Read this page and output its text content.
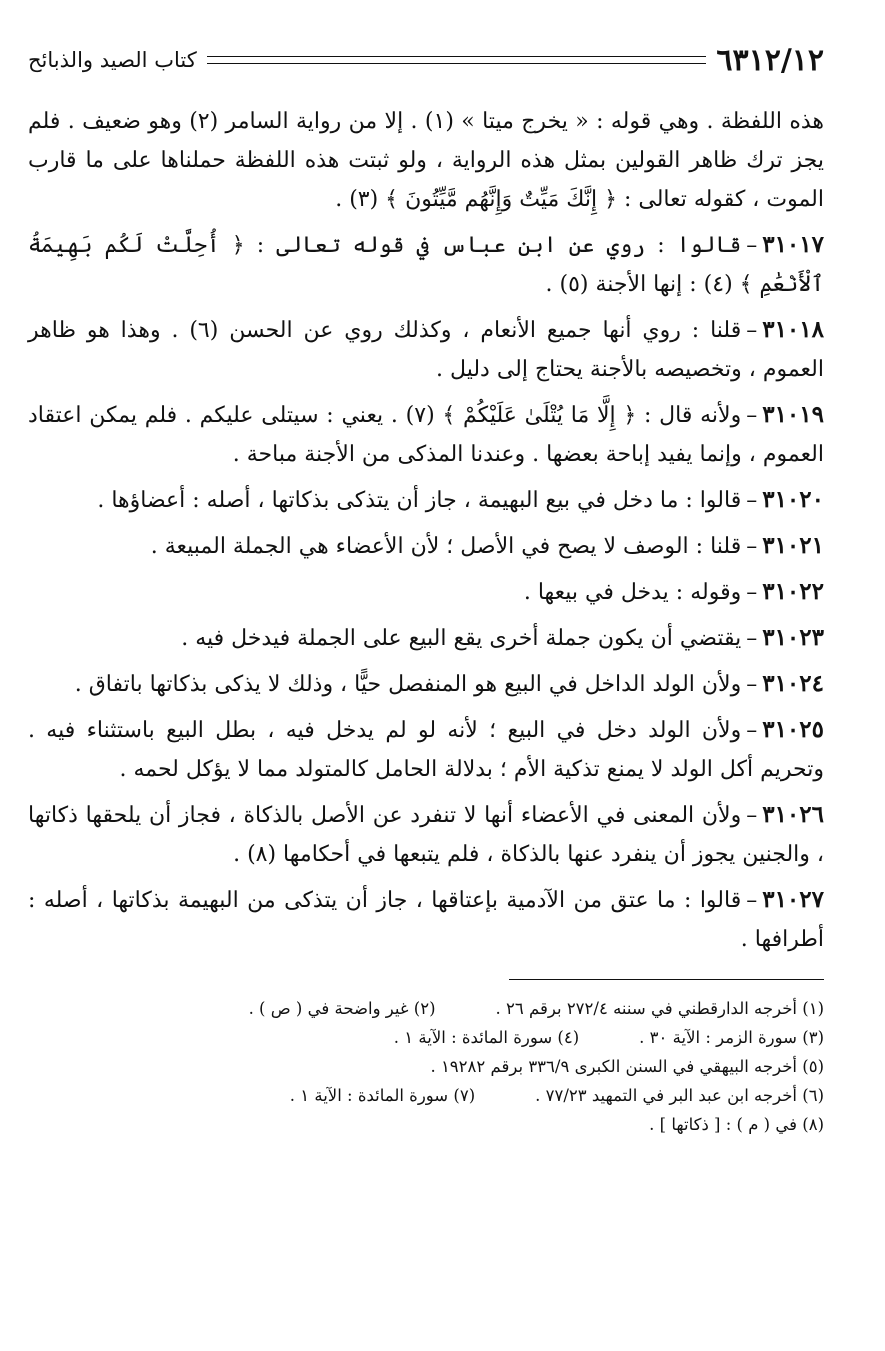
٦٣١٢/١٢
كتاب الصيد والذبائح

هذه اللفظة . وهي قوله : « يخرج ميتا » (١) . إلا من رواية السامر (٢) وهو ضعيف . فلم يجز ترك ظاهر القولين بمثل هذه الرواية ، ولو ثبتت هذه اللفظة حملناها على ما قارب الموت ، كقوله تعالى : ﴿ إِنَّكَ مَيِّتٌ وَإِنَّهُم مَّيِّتُونَ ﴾ (٣) .

٣١٠١٧–قالوا : روي عن ابن عباس في قوله تعالى : ﴿ أُحِلَّتْ لَكُم بَهِيمَةُ ٱلْأَنْعَٰمِ ﴾ (٤) : إنها الأجنة (٥) .

٣١٠١٨–قلنا : روي أنها جميع الأنعام ، وكذلك روي عن الحسن (٦) . وهذا هو ظاهر العموم ، وتخصيصه بالأجنة يحتاج إلى دليل .

٣١٠١٩–ولأنه قال : ﴿ إِلَّا مَا يُتْلَىٰ عَلَيْكُمْ ﴾ (٧) . يعني : سيتلى عليكم . فلم يمكن اعتقاد العموم ، وإنما يفيد إباحة بعضها . وعندنا المذكى من الأجنة مباحة .

٣١٠٢٠–قالوا : ما دخل في بيع البهيمة ، جاز أن يتذكى بذكاتها ، أصله : أعضاؤها .

٣١٠٢١–قلنا : الوصف لا يصح في الأصل ؛ لأن الأعضاء هي الجملة المبيعة .

٣١٠٢٢–وقوله : يدخل في بيعها .

٣١٠٢٣–يقتضي أن يكون جملة أخرى يقع البيع على الجملة فيدخل فيه .

٣١٠٢٤–ولأن الولد الداخل في البيع هو المنفصل حيًّا ، وذلك لا يذكى بذكاتها باتفاق .

٣١٠٢٥–ولأن الولد دخل في البيع ؛ لأنه لو لم يدخل فيه ، بطل البيع باستثناء فيه . وتحريم أكل الولد لا يمنع تذكية الأم ؛ بدلالة الحامل كالمتولد مما لا يؤكل لحمه .

٣١٠٢٦–ولأن المعنى في الأعضاء أنها لا تنفرد عن الأصل بالذكاة ، فجاز أن يلحقها ذكاتها ، والجنين يجوز أن ينفرد عنها بالذكاة ، فلم يتبعها في أحكامها (٨) .

٣١٠٢٧–قالوا : ما عتق من الآدمية بإعتاقها ، جاز أن يتذكى من البهيمة بذكاتها ، أصله : أطرافها .

(١) أخرجه الدارقطني في سننه ٢٧٢/٤ برقم ٢٦ .
(٢) غير واضحة في ( ص ) .
(٣) سورة الزمر : الآية ٣٠ .
(٤) سورة المائدة : الآية ١ .
(٥) أخرجه البيهقي في السنن الكبرى ٣٣٦/٩ برقم ١٩٢٨٢ .
(٦) أخرجه ابن عبد البر في التمهيد ٧٧/٢٣ .
(٧) سورة المائدة : الآية ١ .
(٨) في ( م ) : [ ذكاتها ] .
